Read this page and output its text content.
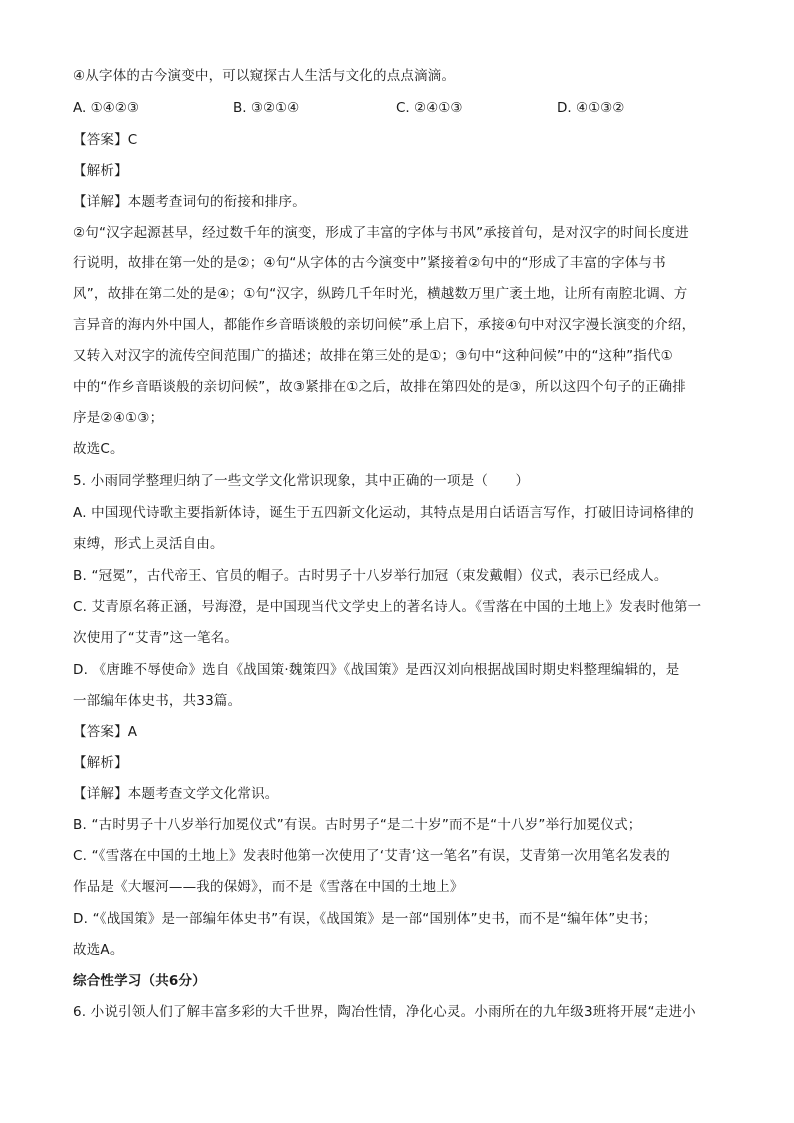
④从字体的古今演变中，可以窥探古人生活与文化的点点滴滴。
A. ①④②③	B. ③②①④	C. ②④①③	D. ④①③②
【答案】C
【解析】
【详解】本题考查词句的衔接和排序。
②句“汉字起源甚早，经过数千年的演变，形成了丰富的字体与书风”承接首句，是对汉字的时间长度进
行说明，故排在第一处的是②；④句“从字体的古今演变中”紧接着②句中的“形成了丰富的字体与书
风”，故排在第二处的是④；①句“汉字，纵跨几千年时光，横越数万里广袤土地，让所有南腔北调、方
言异音的海内外中国人，都能作乡音晤谈般的亲切问候”承上启下，承接④句中对汉字漫长演变的介绍，
又转入对汉字的流传空间范围广的描述；故排在第三处的是①；③句中“这种问候”中的“这种”指代①
中的“作乡音晤谈般的亲切问候”，故③紧排在①之后，故排在第四处的是③，所以这四个句子的正确排
序是②④①③；
故选C。
5. 小雨同学整理归纳了一些文学文化常识现象，其中正确的一项是（　　）
A. 中国现代诗歌主要指新体诗，诞生于五四新文化运动，其特点是用白话语言写作，打破旧诗词格律的
束缚，形式上灵活自由。
B. “冠冕”，古代帝王、官员的帽子。古时男子十八岁举行加冠（束发戴帽）仪式，表示已经成人。
C. 艾青原名蒋正涵，号海澄，是中国现当代文学史上的著名诗人。《雪落在中国的土地上》发表时他第一
次使用了“艾青”这一笔名。
D. 《唐雎不辱使命》选自《战国策·魏策四》《战国策》是西汉刘向根据战国时期史料整理编辑的，是
一部编年体史书，共33篇。
【答案】A
【解析】
【详解】本题考查文学文化常识。
B. “古时男子十八岁举行加冕仪式”有误。古时男子“是二十岁”而不是“十八岁”举行加冕仪式；
C. “《雪落在中国的土地上》发表时他第一次使用了‘艾青’这一笔名”有误，艾青第一次用笔名发表的
作品是《大堰河——我的保姆》，而不是《雪落在中国的土地上》
D. “《战国策》是一部编年体史书”有误，《战国策》是一部“国别体”史书，而不是“编年体”史书；
故选A。
综合性学习（共6分）
6. 小说引领人们了解丰富多彩的大千世界，陶冶性情，净化心灵。小雨所在的九年级3班将开展“走进小
